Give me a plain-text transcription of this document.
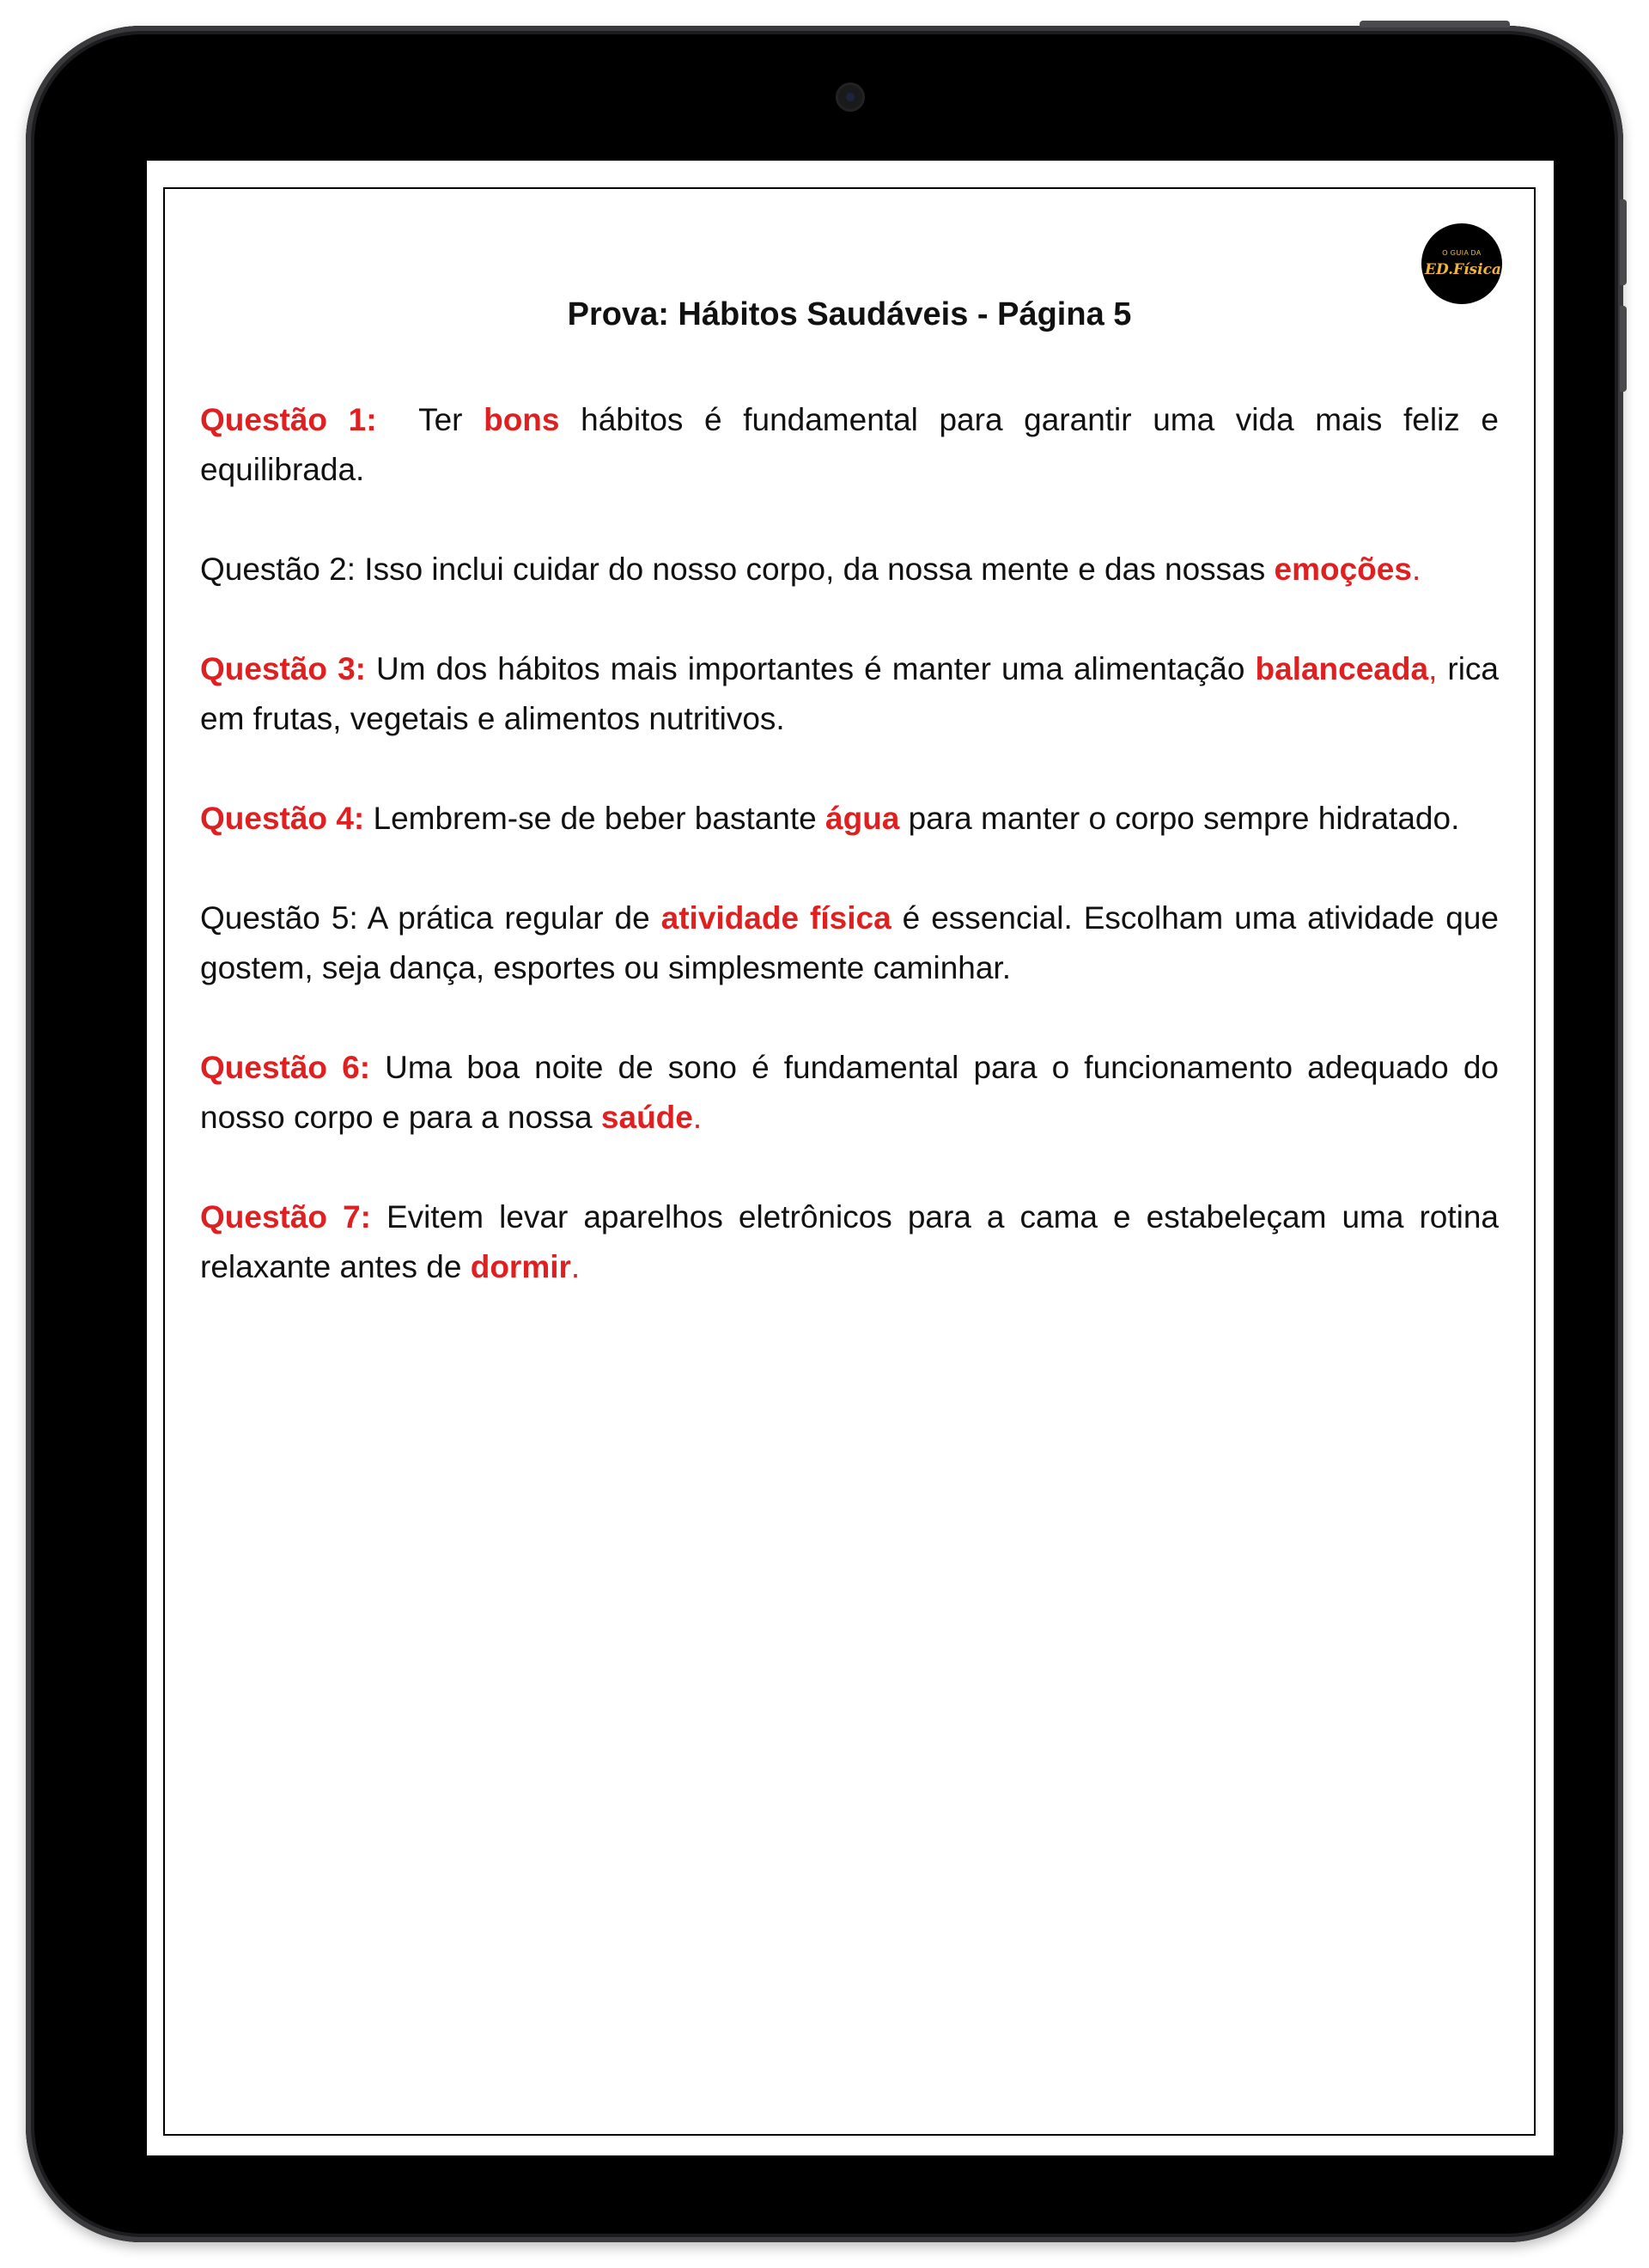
O GUIA DA
ED.Física
Prova: Hábitos Saudáveis - Página 5

Questão 1:  Ter bons hábitos é fundamental para garantir uma vida mais feliz e equilibrada.

Questão 2: Isso inclui cuidar do nosso corpo, da nossa mente e das nossas emoções.

Questão 3: Um dos hábitos mais importantes é manter uma alimentação balanceada, rica em frutas, vegetais e alimentos nutritivos.

Questão 4: Lembrem-se de beber bastante água para manter o corpo sempre hidratado.

Questão 5: A prática regular de atividade física é essencial. Escolham uma atividade que gostem, seja dança, esportes ou simplesmente caminhar.

Questão 6: Uma boa noite de sono é fundamental para o funcionamento adequado do nosso corpo e para a nossa saúde.

Questão 7: Evitem levar aparelhos eletrônicos para a cama e estabeleçam uma rotina relaxante antes de dormir.
